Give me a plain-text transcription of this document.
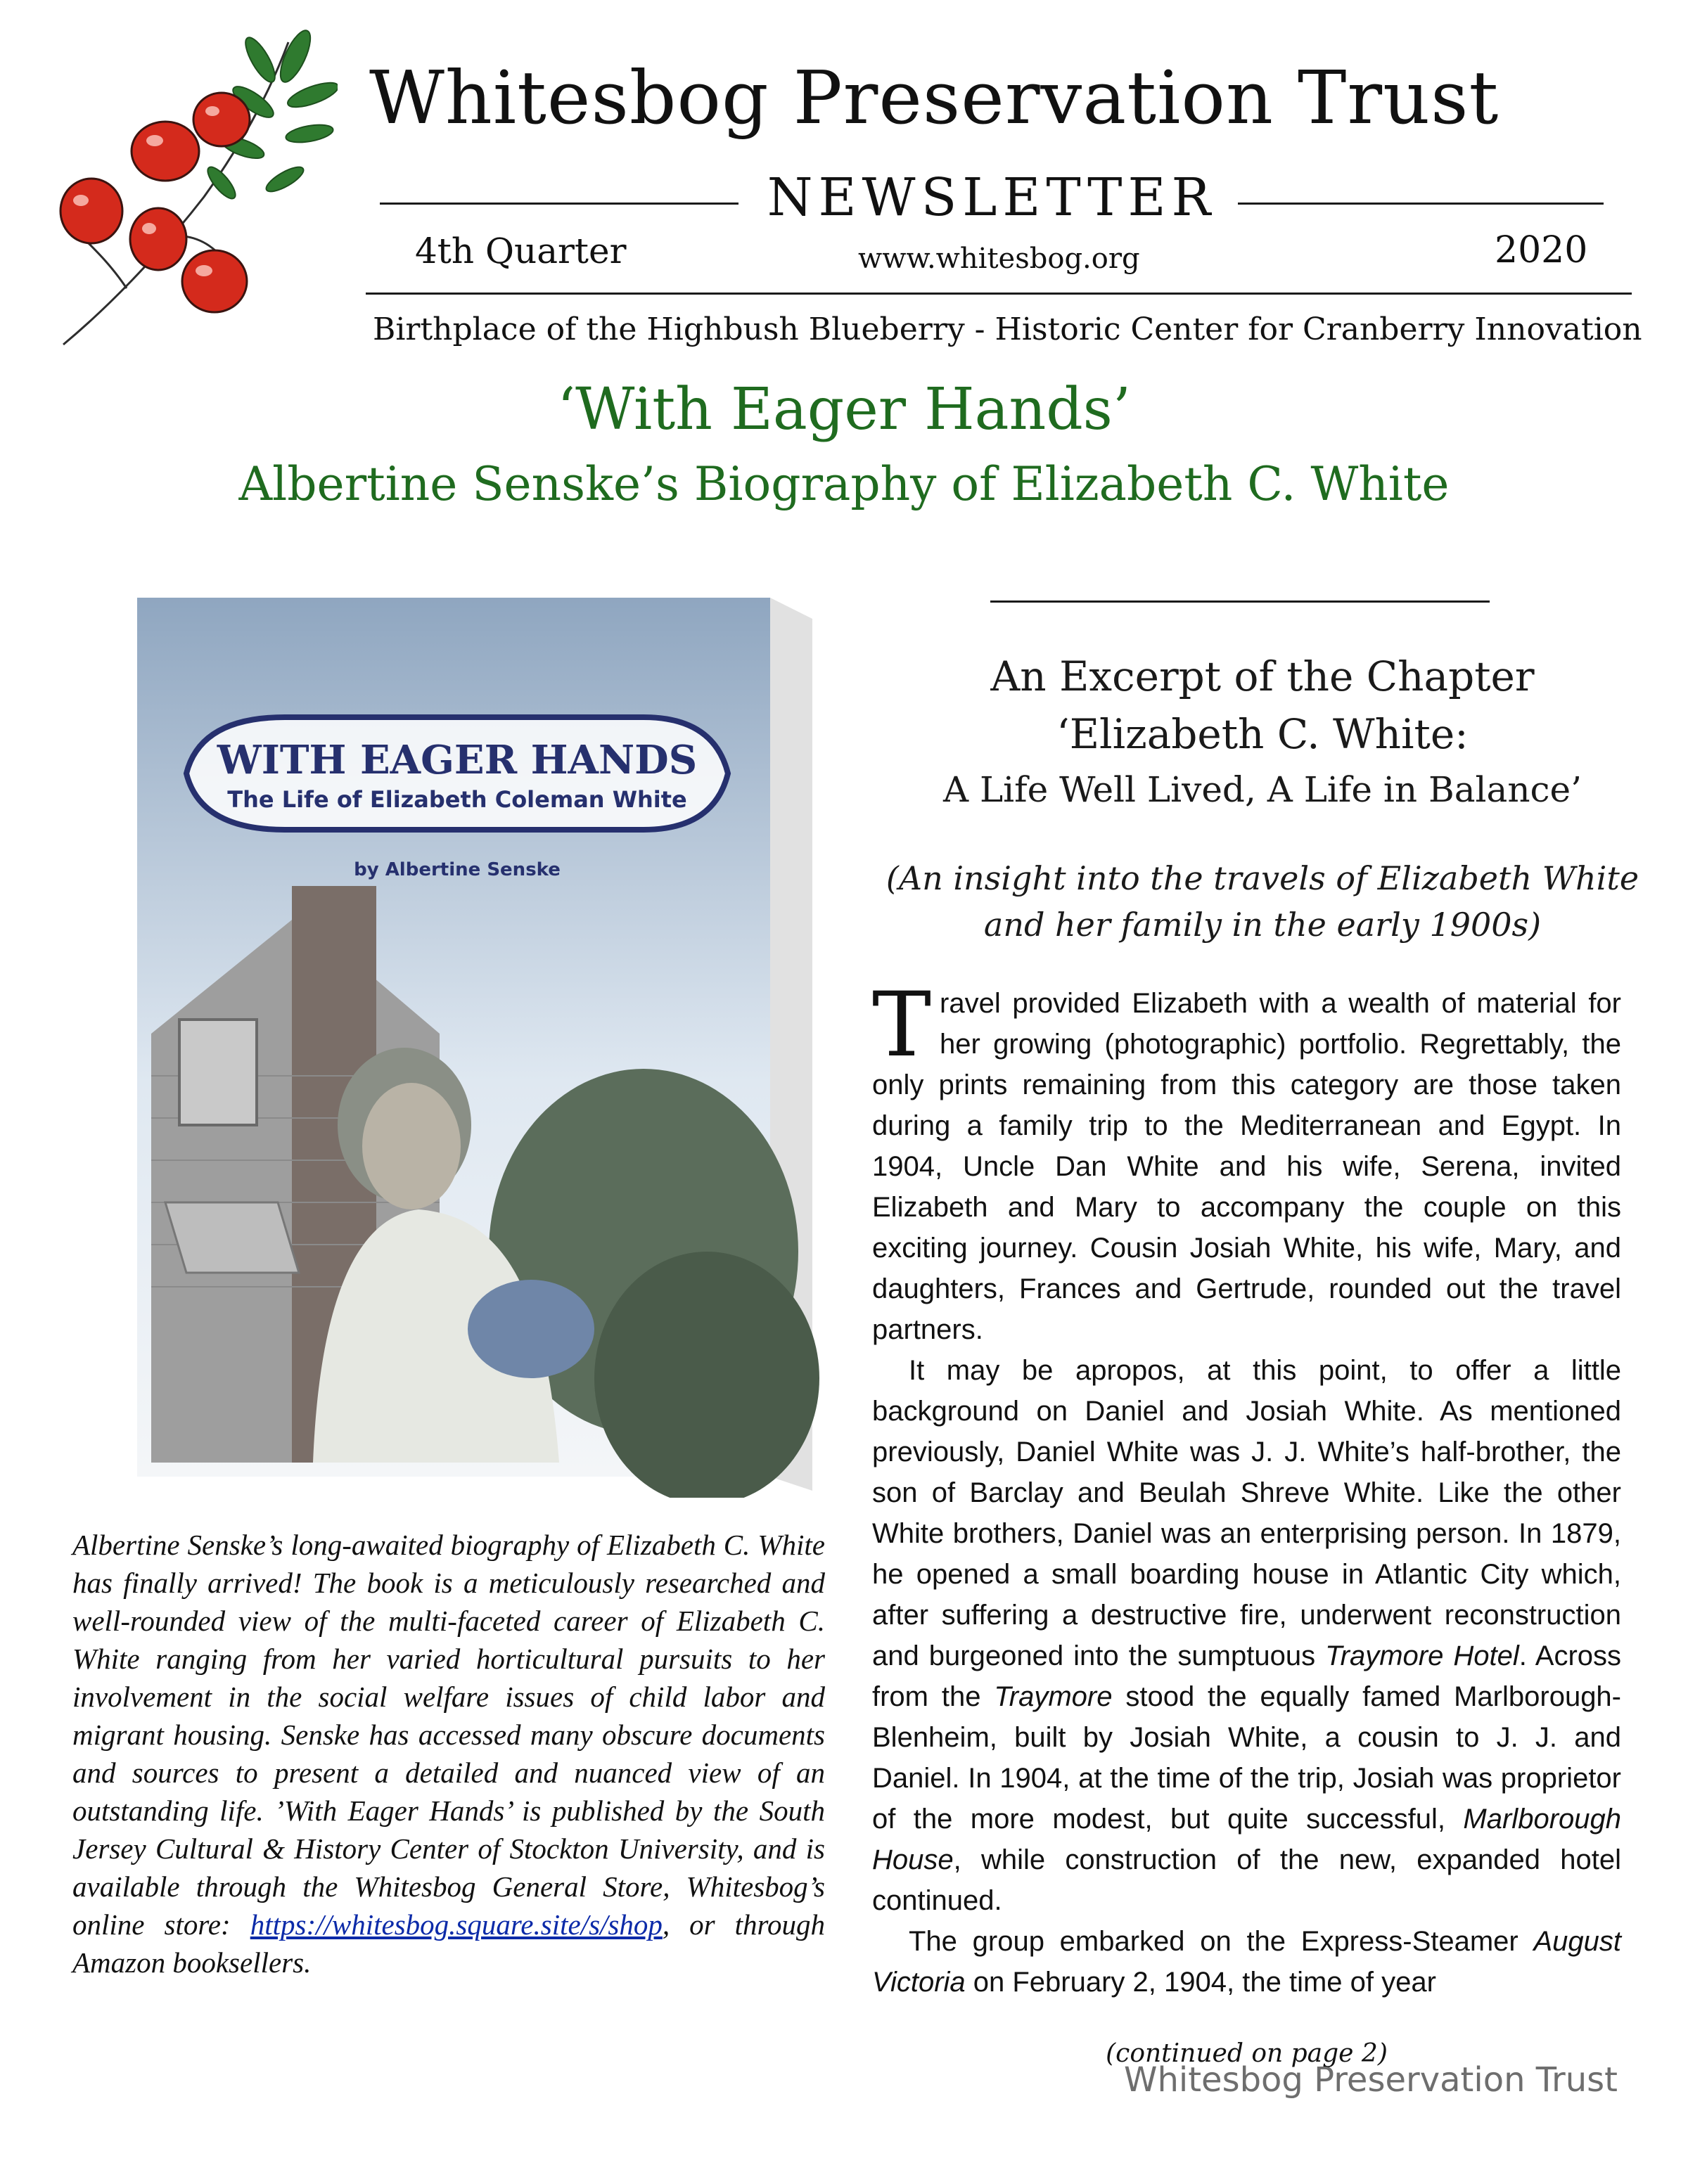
Whitesbog Preservation Trust
NEWSLETTER
4th Quarter	www.whitesbog.org	2020
Birthplace of the Highbush Blueberry - Historic Center for Cranberry Innovation
‘With Eager Hands’
Albertine Senske’s Biography of Elizabeth C. White
WITH EAGER HANDS
The Life of Elizabeth Coleman White
by Albertine Senske
Albertine Senske’s long-awaited biography of Elizabeth C. White has finally arrived! The book is a meticulously researched and well-rounded view of the multi-faceted career of Elizabeth C. White ranging from her varied horticultural pursuits to her involvement in the social welfare issues of child labor and migrant housing. Senske has accessed many obscure documents and sources to present a detailed and nuanced view of an outstanding life. ’With Eager Hands’ is published by the South Jersey Cultural & History Center of Stockton University, and is available through the Whitesbog General Store, Whitesbog’s online store: https://whitesbog.square.site/s/shop, or through Amazon booksellers.
An Excerpt of the Chapter
‘Elizabeth C. White:
A Life Well Lived, A Life in Balance’
(An insight into the travels of Elizabeth White
and her family in the early 1900s)

Travel provided Elizabeth with a wealth of material for her growing (photographic) portfolio. Regrettably, the only prints remaining from this category are those taken during a family trip to the Mediterranean and Egypt. In 1904, Uncle Dan White and his wife, Serena, invited Elizabeth and Mary to accompany the couple on this exciting journey. Cousin Josiah White, his wife, Mary, and daughters, Frances and Gertrude, rounded out the travel partners.

It may be apropos, at this point, to offer a little background on Daniel and Josiah White. As mentioned previously, Daniel White was J. J. White’s half-brother, the son of Barclay and Beulah Shreve White. Like the other White brothers, Daniel was an enterprising person. In 1879, he opened a small boarding house in Atlantic City which, after suffering a destructive fire, underwent reconstruction and burgeoned into the sumptuous Traymore Hotel. Across from the Traymore stood the equally famed Marlborough-Blenheim, built by Josiah White, a cousin to J. J. and Daniel. In 1904, at the time of the trip, Josiah was proprietor of the more modest, but quite successful, Marlborough House, while construction of the new, expanded hotel continued.

The group embarked on the Express-Steamer August Victoria on February 2, 1904, the time of year

(continued on page 2)
Whitesbog Preservation Trust
